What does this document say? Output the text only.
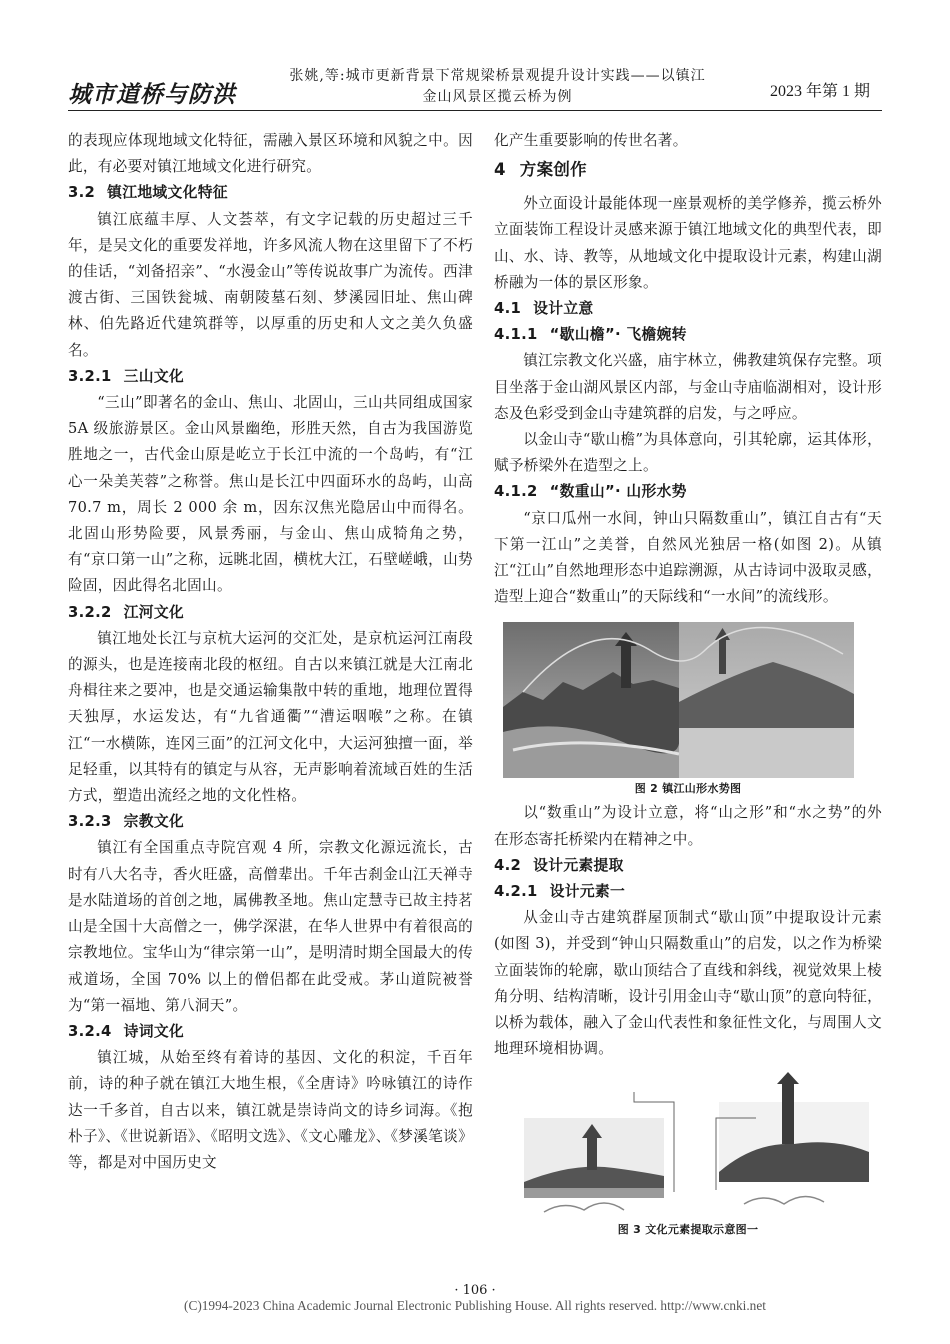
城市道桥与防洪
张姚,等:城市更新背景下常规梁桥景观提升设计实践——以镇江
金山风景区揽云桥为例	2023 年第 1 期

的表现应体现地域文化特征，需融入景区环境和风貌之中。因此，有必要对镇江地域文化进行研究。

3.2 镇江地域文化特征

镇江底蕴丰厚、人文荟萃，有文字记载的历史超过三千年，是吴文化的重要发祥地，许多风流人物在这里留下了不朽的佳话，“刘备招亲”、“水漫金山”等传说故事广为流传。西津渡古街、三国铁瓮城、南朝陵墓石刻、梦溪园旧址、焦山碑林、伯先路近代建筑群等，以厚重的历史和人文之美久负盛名。

3.2.1 三山文化

“三山”即著名的金山、焦山、北固山，三山共同组成国家 5A 级旅游景区。金山风景幽绝，形胜天然，自古为我国游览胜地之一，古代金山原是屹立于长江中流的一个岛屿，有“江心一朵美芙蓉”之称誉。焦山是长江中四面环水的岛屿，山高 70.7 m，周长 2 000 余 m，因东汉焦光隐居山中而得名。北固山形势险要，风景秀丽，与金山、焦山成犄角之势，有“京口第一山”之称，远眺北固，横枕大江，石壁嵯峨，山势险固，因此得名北固山。

3.2.2 江河文化

镇江地处长江与京杭大运河的交汇处，是京杭运河江南段的源头，也是连接南北段的枢纽。自古以来镇江就是大江南北舟楫往来之要冲，也是交通运输集散中转的重地，地理位置得天独厚，水运发达，有“九省通衢”“漕运咽喉”之称。在镇江“一水横陈，连冈三面”的江河文化中，大运河独擅一面，举足轻重，以其特有的镇定与从容，无声影响着流域百姓的生活方式，塑造出流经之地的文化性格。

3.2.3 宗教文化

镇江有全国重点寺院宫观 4 所，宗教文化源远流长，古时有八大名寺，香火旺盛，高僧辈出。千年古刹金山江天禅寺是水陆道场的首创之地，属佛教圣地。焦山定慧寺已故主持茗山是全国十大高僧之一，佛学深湛，在华人世界中有着很高的宗教地位。宝华山为“律宗第一山”，是明清时期全国最大的传戒道场，全国 70% 以上的僧侣都在此受戒。茅山道院被誉为“第一福地、第八洞天”。

3.2.4 诗词文化

镇江城，从始至终有着诗的基因、文化的积淀，千百年前，诗的种子就在镇江大地生根，《全唐诗》吟咏镇江的诗作达一千多首，自古以来，镇江就是崇诗尚文的诗乡词海。《抱朴子》、《世说新语》、《昭明文选》、《文心雕龙》、《梦溪笔谈》等，都是对中国历史文

化产生重要影响的传世名著。

4 方案创作

外立面设计最能体现一座景观桥的美学修养，揽云桥外立面装饰工程设计灵感来源于镇江地域文化的典型代表，即山、水、诗、教等，从地域文化中提取设计元素，构建山湖桥融为一体的景区形象。

4.1 设计立意
4.1.1 “歇山檐”· 飞檐婉转

镇江宗教文化兴盛，庙宇林立，佛教建筑保存完整。项目坐落于金山湖风景区内部，与金山寺庙临湖相对，设计形态及色彩受到金山寺建筑群的启发，与之呼应。

以金山寺“歇山檐”为具体意向，引其轮廓，运其体形，赋予桥梁外在造型之上。

4.1.2 “数重山”· 山形水势

“京口瓜州一水间，钟山只隔数重山”，镇江自古有“天下第一江山”之美誉，自然风光独居一格(如图 2)。从镇江“江山”自然地理形态中追踪溯源，从古诗词中汲取灵感，造型上迎合“数重山”的天际线和“一水间”的流线形。

图 2 镇江山形水势图

以“数重山”为设计立意，将“山之形”和“水之势”的外在形态寄托桥梁内在精神之中。

4.2 设计元素提取
4.2.1 设计元素一

从金山寺古建筑群屋顶制式“歇山顶”中提取设计元素(如图 3)，并受到“钟山只隔数重山”的启发，以之作为桥梁立面装饰的轮廓，歇山顶结合了直线和斜线，视觉效果上棱角分明、结构清晰，设计引用金山寺“歇山顶”的意向特征，以桥为载体，融入了金山代表性和象征性文化，与周围人文地理环境相协调。

图 3 文化元素提取示意图一
· 106 ·
(C)1994-2023 China Academic Journal Electronic Publishing House. All rights reserved. http://www.cnki.net
